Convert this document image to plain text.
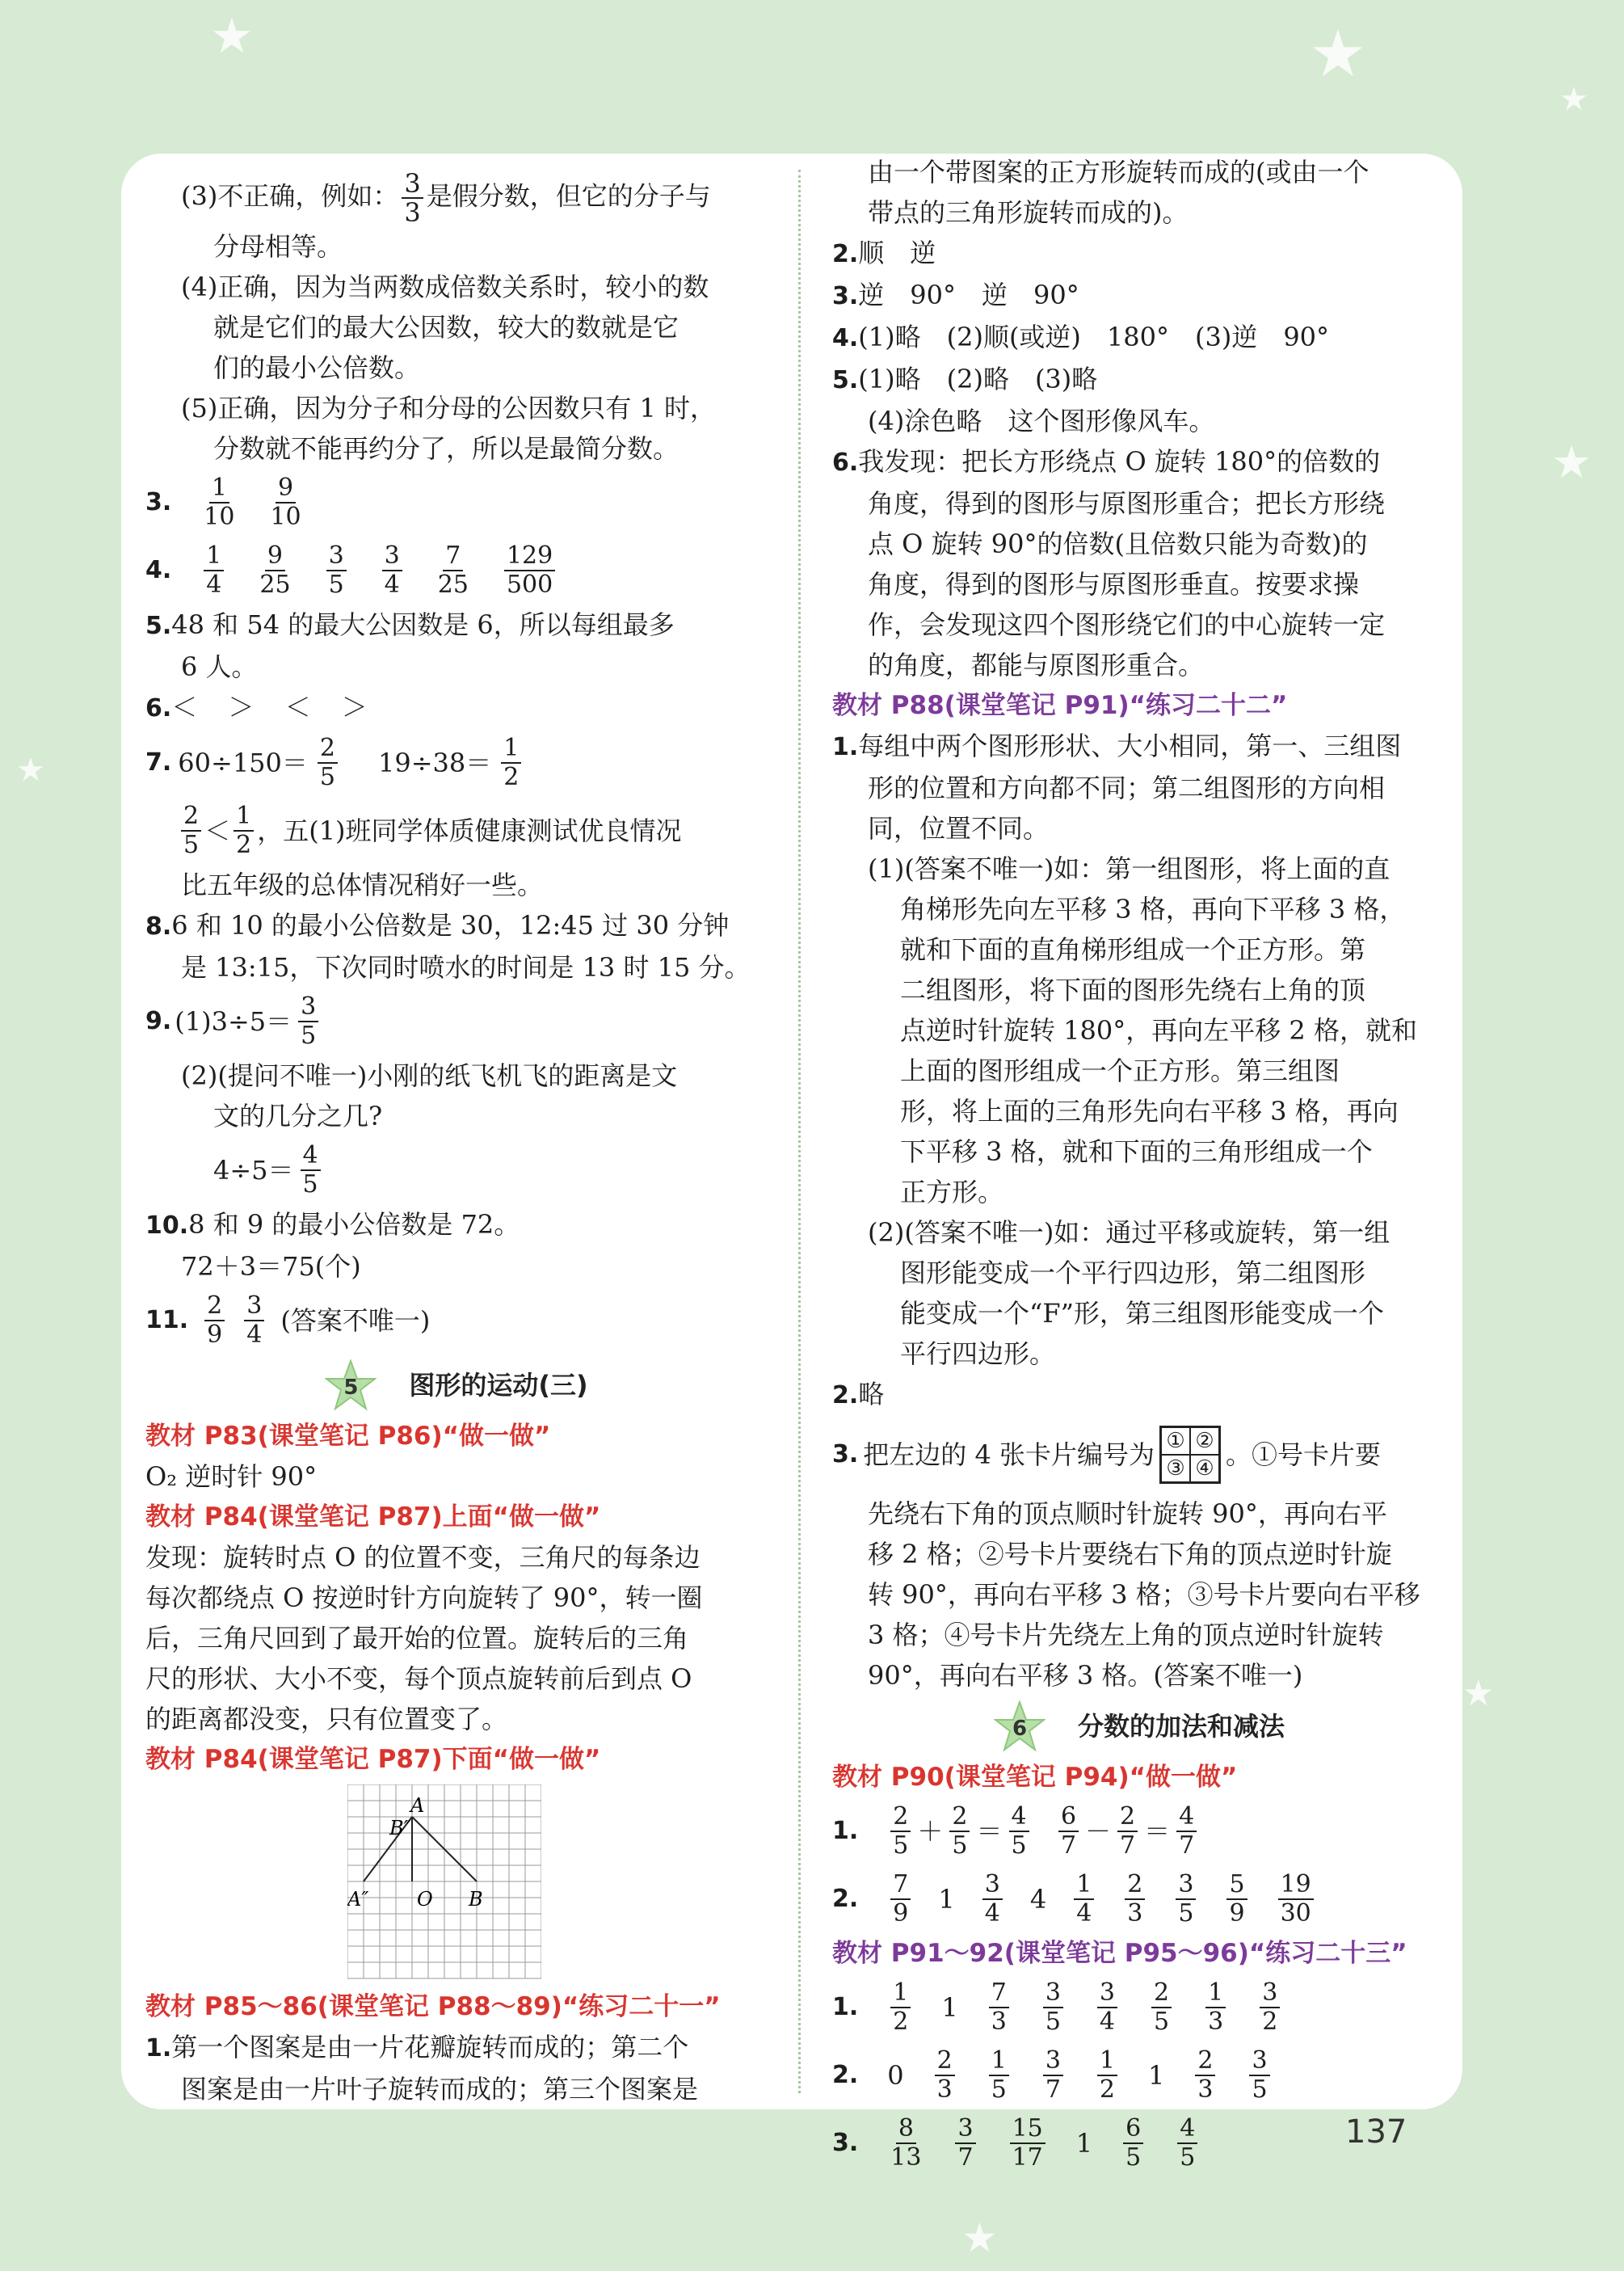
★	★
★
★
★
★
★

(3)不正确，例如： $\frac{3}{3}$ 是假分数，但它的分子与

分母相等。

(4)正确，因为当两数成倍数关系时，较小的数

就是它们的最大公因数，较大的数就是它

们的最小公倍数。

(5)正确，因为分子和分母的公因数只有 1 时，

分数就不能再约分了，所以是最简分数。

3. $\frac{1}{10} \frac{9}{10}$
4. $\frac{1}{4} \frac{9}{25} \frac{3}{5} \frac{3}{4} \frac{7}{25} \frac{129}{500}$

5.48 和 54 的最大公因数是 6，所以每组最多

6 人。

6.＜ ＞ ＜ ＞

7. $60\div 150= \frac{2}{5} 19\div 38= \frac{1}{2}$
$\frac{2}{5} < \frac{1}{2}$ ，五(1)班同学体质健康测试优良情况

比五年级的总体情况稍好一些。

8.6 和 10 的最小公倍数是 30，12:45 过 30 分钟

是 13:15，下次同时喷水的时间是 13 时 15 分。

9. $(1)3\div 5= \frac{3}{5}$

(2)(提问不唯一)小刚的纸飞机飞的距离是文

文的几分之几?

$4\div 5= \frac{4}{5}$

10.8 和 9 的最小公倍数是 72。

72＋3＝75(个)

11. $\frac{2}{9} \frac{3}{4}$ (答案不唯一)
5	图形的运动(三)

教材 P83(课堂笔记 P86)“做一做”

O₂ 逆时针 90°

教材 P84(课堂笔记 P87)上面“做一做”

发现：旋转时点 O 的位置不变，三角尺的每条边

每次都绕点 O 按逆时针方向旋转了 90°，转一圈

后，三角尺回到了最开始的位置。旋转后的三角

尺的形状、大小不变，每个顶点旋转前后到点 O

的距离都没变，只有位置变了。

教材 P84(课堂笔记 P87)下面“做一做”

A
B″
A″ O B

教材 P85～86(课堂笔记 P88～89)“练习二十一”

1.第一个图案是由一片花瓣旋转而成的；第二个

图案是由一片叶子旋转而成的；第三个图案是

由一个带图案的正方形旋转而成的(或由一个

带点的三角形旋转而成的)。

2.顺　逆

3.逆　90°　逆　90°

4.(1)略　(2)顺(或逆)　180°　(3)逆　90°

5.(1)略　(2)略　(3)略

(4)涂色略　这个图形像风车。

6.我发现：把长方形绕点 O 旋转 180°的倍数的

角度，得到的图形与原图形重合；把长方形绕

点 O 旋转 90°的倍数(且倍数只能为奇数)的

角度，得到的图形与原图形垂直。按要求操

作，会发现这四个图形绕它们的中心旋转一定

的角度，都能与原图形重合。

教材 P88(课堂笔记 P91)“练习二十二”

1.每组中两个图形形状、大小相同，第一、三组图

形的位置和方向都不同；第二组图形的方向相

同，位置不同。

(1)(答案不唯一)如：第一组图形，将上面的直

角梯形先向左平移 3 格，再向下平移 3 格，

就和下面的直角梯形组成一个正方形。第

二组图形，将下面的图形先绕右上角的顶

点逆时针旋转 180°，再向左平移 2 格，就和

上面的图形组成一个正方形。第三组图

形，将上面的三角形先向右平移 3 格，再向

下平移 3 格，就和下面的三角形组成一个

正方形。

(2)(答案不唯一)如：通过平移或旋转，第一组

图形能变成一个平行四边形，第二组图形

能变成一个“F”形，第三组图形能变成一个

平行四边形。

2.略

3. 把左边的 4 张卡片编号为 ① ②
③ ④ 。①号卡片要

先绕右下角的顶点顺时针旋转 90°，再向右平

移 2 格；②号卡片要绕右下角的顶点逆时针旋

转 90°，再向右平移 3 格；③号卡片要向右平移

3 格；④号卡片先绕左上角的顶点逆时针旋转

90°，再向右平移 3 格。(答案不唯一)

6	分数的加法和减法

教材 P90(课堂笔记 P94)“做一做”

1. $\frac{2}{5} + \frac{2}{5} = \frac{4}{5}$
$\frac{6}{7} - \frac{2}{7} = \frac{4}{7}$
2. $\frac{7}{9} 1 \frac{3}{4} 4 \frac{1}{4} \frac{2}{3} \frac{3}{5} \frac{5}{9} \frac{19}{30}$

教材 P91～92(课堂笔记 P95～96)“练习二十三”

1. $\frac{1}{2} 1 \frac{7}{3} \frac{3}{5} \frac{3}{4} \frac{2}{5} \frac{1}{3} \frac{3}{2}$
2. $0 \frac{2}{3} \frac{1}{5} \frac{3}{7} \frac{1}{2} 1 \frac{2}{3} \frac{3}{5}$
3. $\frac{8}{13} \frac{3}{7} \frac{15}{17} 1 \frac{6}{5} \frac{4}{5}$	137
